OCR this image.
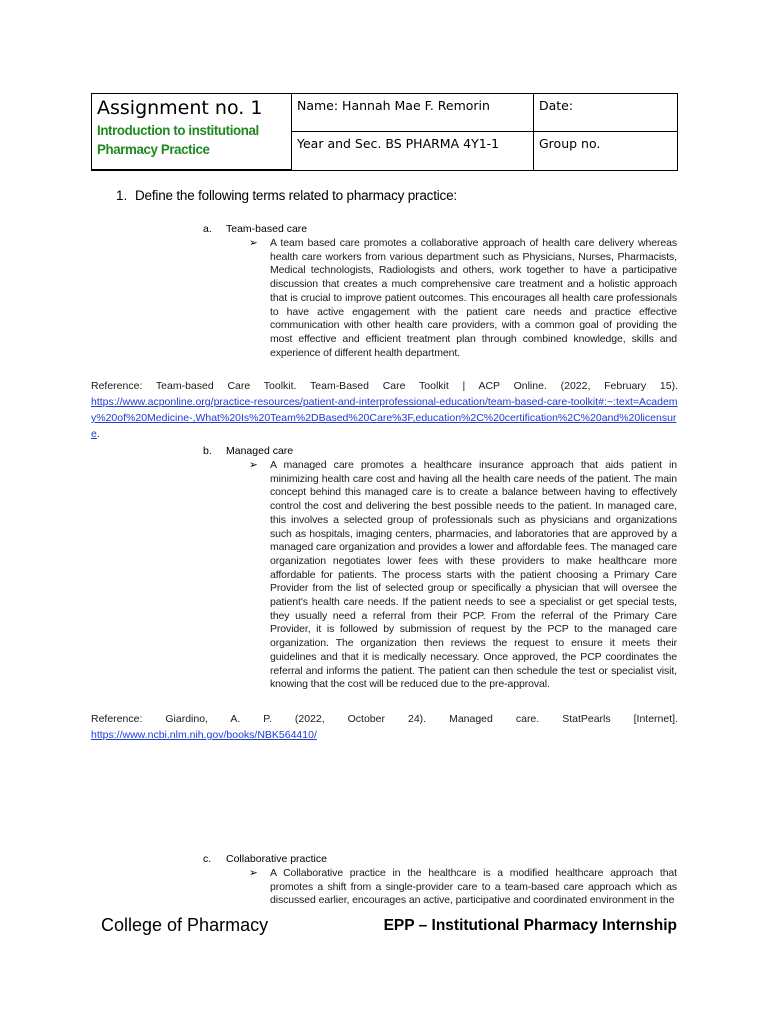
Assignment no. 1
Introduction to institutional
Pharmacy Practice
Name: Hannah Mae F. Remorin	Date:
Year and Sec. BS PHARMA 4Y1-1	Group no.
1. Define the following terms related to pharmacy practice:
a. Team-based care
➢ A team based care promotes a collaborative approach of health care delivery whereas health care workers from various department such as Physicians, Nurses, Pharmacists, Medical technologists, Radiologists and others, work together to have a participative discussion that creates a much comprehensive care treatment and a holistic approach that is crucial to improve patient outcomes. This encourages all health care professionals to have active engagement with the patient care needs and practice effective communication with other health care providers, with a common goal of providing the most effective and efficient treatment plan through combined knowledge, skills and experience of different health department.
Reference: Team-based Care Toolkit. Team-Based Care Toolkit | ACP Online. (2022, February 15).
https://www.acponline.org/practice-resources/patient-and-interprofessional-education/team-based-care-toolkit#:~:text=Academy%20of%20Medicine-,What%20Is%20Team%2DBased%20Care%3F,education%2C%20certification%2C%20and%20licensure.
b. Managed care
➢ A managed care promotes a healthcare insurance approach that aids patient in minimizing health care cost and having all the health care needs of the patient. The main concept behind this managed care is to create a balance between having to effectively control the cost and delivering the best possible needs to the patient. In managed care, this involves a selected group of professionals such as physicians and organizations such as hospitals, imaging centers, pharmacies, and laboratories that are approved by a managed care organization and provides a lower and affordable fees. The managed care organization negotiates lower fees with these providers to make healthcare more affordable for patients. The process starts with the patient choosing a Primary Care Provider from the list of selected group or specifically a physician that will oversee the patient's health care needs. If the patient needs to see a specialist or get special tests, they usually need a referral from their PCP. From the referral of the Primary Care Provider, it is followed by submission of request by the PCP to the managed care organization. The organization then reviews the request to ensure it meets their guidelines and that it is medically necessary. Once approved, the PCP coordinates the referral and informs the patient. The patient can then schedule the test or specialist visit, knowing that the cost will be reduced due to the pre-approval.
Reference: Giardino, A. P. (2022, October 24). Managed care. StatPearls [Internet].
https://www.ncbi.nlm.nih.gov/books/NBK564410/
c. Collaborative practice
➢ A Collaborative practice in the healthcare is a modified healthcare approach that promotes a shift from a single-provider care to a team-based care approach which as discussed earlier, encourages an active, participative and coordinated environment in the
College of Pharmacy	EPP – Institutional Pharmacy Internship
